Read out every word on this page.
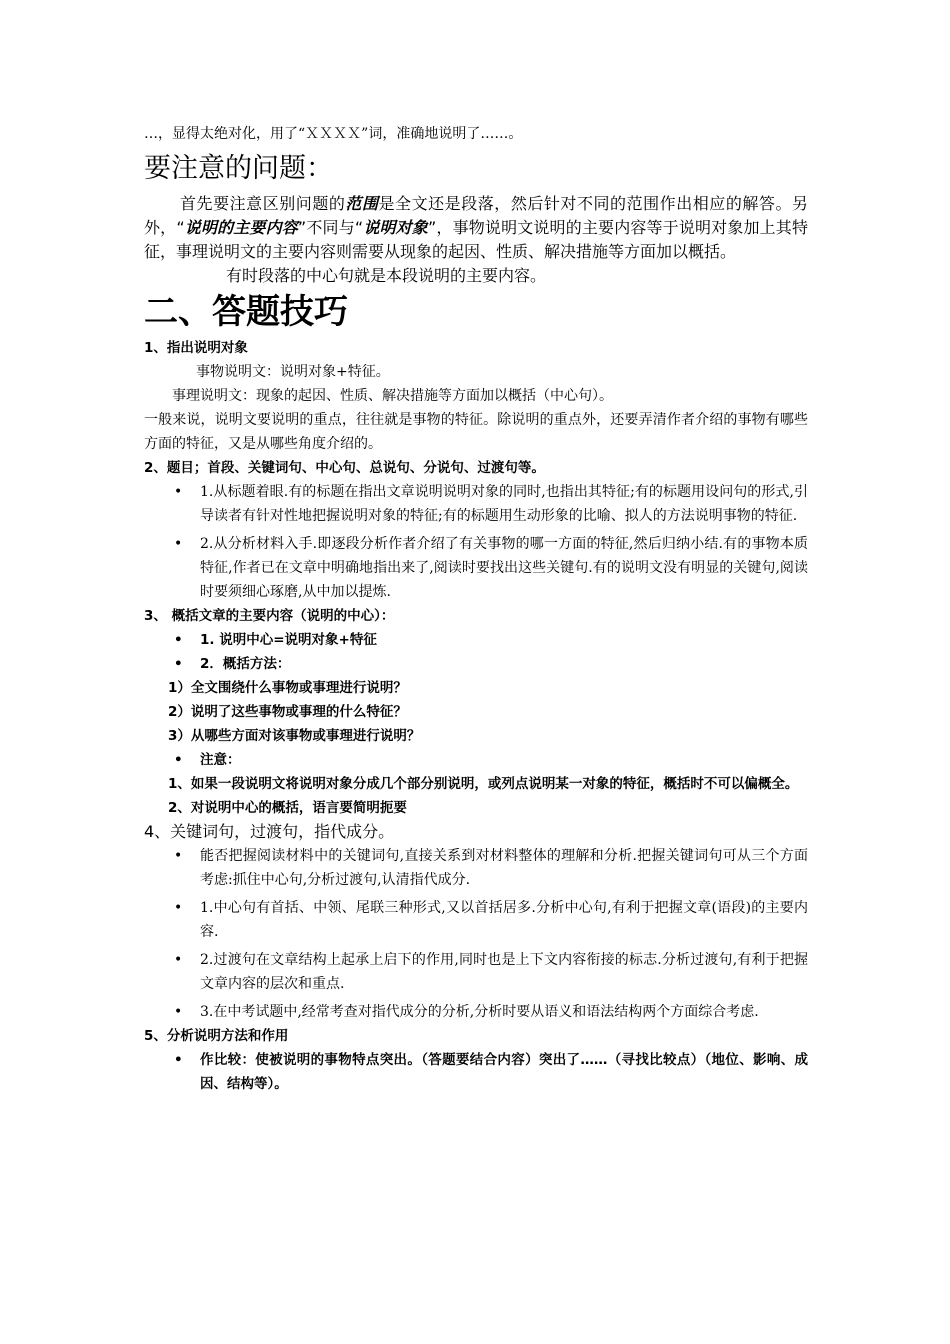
…，显得太绝对化，用了“ＸＸＸＸ”词，准确地说明了……。

要注意的问题：

首先要注意区别问题的范围是全文还是段落，然后针对不同的范围作出相应的解答。另外，“说明的主要内容”不同与“说明对象”，事物说明文说明的主要内容等于说明对象加上其特征，事理说明文的主要内容则需要从现象的起因、性质、解决措施等方面加以概括。

有时段落的中心句就是本段说明的主要内容。

二、答题技巧

1、指出说明对象

事物说明文：说明对象+特征。

事理说明文：现象的起因、性质、解决措施等方面加以概括（中心句）。

一般来说，说明文要说明的重点，往往就是事物的特征。除说明的重点外，还要弄清作者介绍的事物有哪些方面的特征，又是从哪些角度介绍的。

2、题目；首段、关键词句、中心句、总说句、分说句、过渡句等。

• 1.从标题着眼.有的标题在指出文章说明说明对象的同时,也指出其特征;有的标题用设问句的形式,引导读者有针对性地把握说明对象的特征;有的标题用生动形象的比喻、拟人的方法说明事物的特征.
• 2.从分析材料入手.即逐段分析作者介绍了有关事物的哪一方面的特征,然后归纳小结.有的事物本质特征,作者已在文章中明确地指出来了,阅读时要找出这些关键句.有的说明文没有明显的关键句,阅读时要须细心琢磨,从中加以提炼.

3、 概括文章的主要内容（说明的中心）：

• 1. 说明中心=说明对象+特征
• 2．概括方法：

1）全文围绕什么事物或事理进行说明？

2）说明了这些事物或事理的什么特征？

3）从哪些方面对该事物或事理进行说明？

• 注意：

1、如果一段说明文将说明对象分成几个部分别说明，或列点说明某一对象的特征，概括时不可以偏概全。

2、对说明中心的概括，语言要简明扼要

4、关键词句，过渡句，指代成分。

• 能否把握阅读材料中的关键词句,直接关系到对材料整体的理解和分析.把握关键词句可从三个方面考虑:抓住中心句,分析过渡句,认清指代成分.
• 1.中心句有首括、中领、尾联三种形式,又以首括居多.分析中心句,有利于把握文章(语段)的主要内容.
• 2.过渡句在文章结构上起承上启下的作用,同时也是上下文内容衔接的标志.分析过渡句,有利于把握文章内容的层次和重点.
• 3.在中考试题中,经常考查对指代成分的分析,分析时要从语义和语法结构两个方面综合考虑.

5、分析说明方法和作用

• 作比较：使被说明的事物特点突出。（答题要结合内容）突出了……（寻找比较点）（地位、影响、成因、结构等）。
